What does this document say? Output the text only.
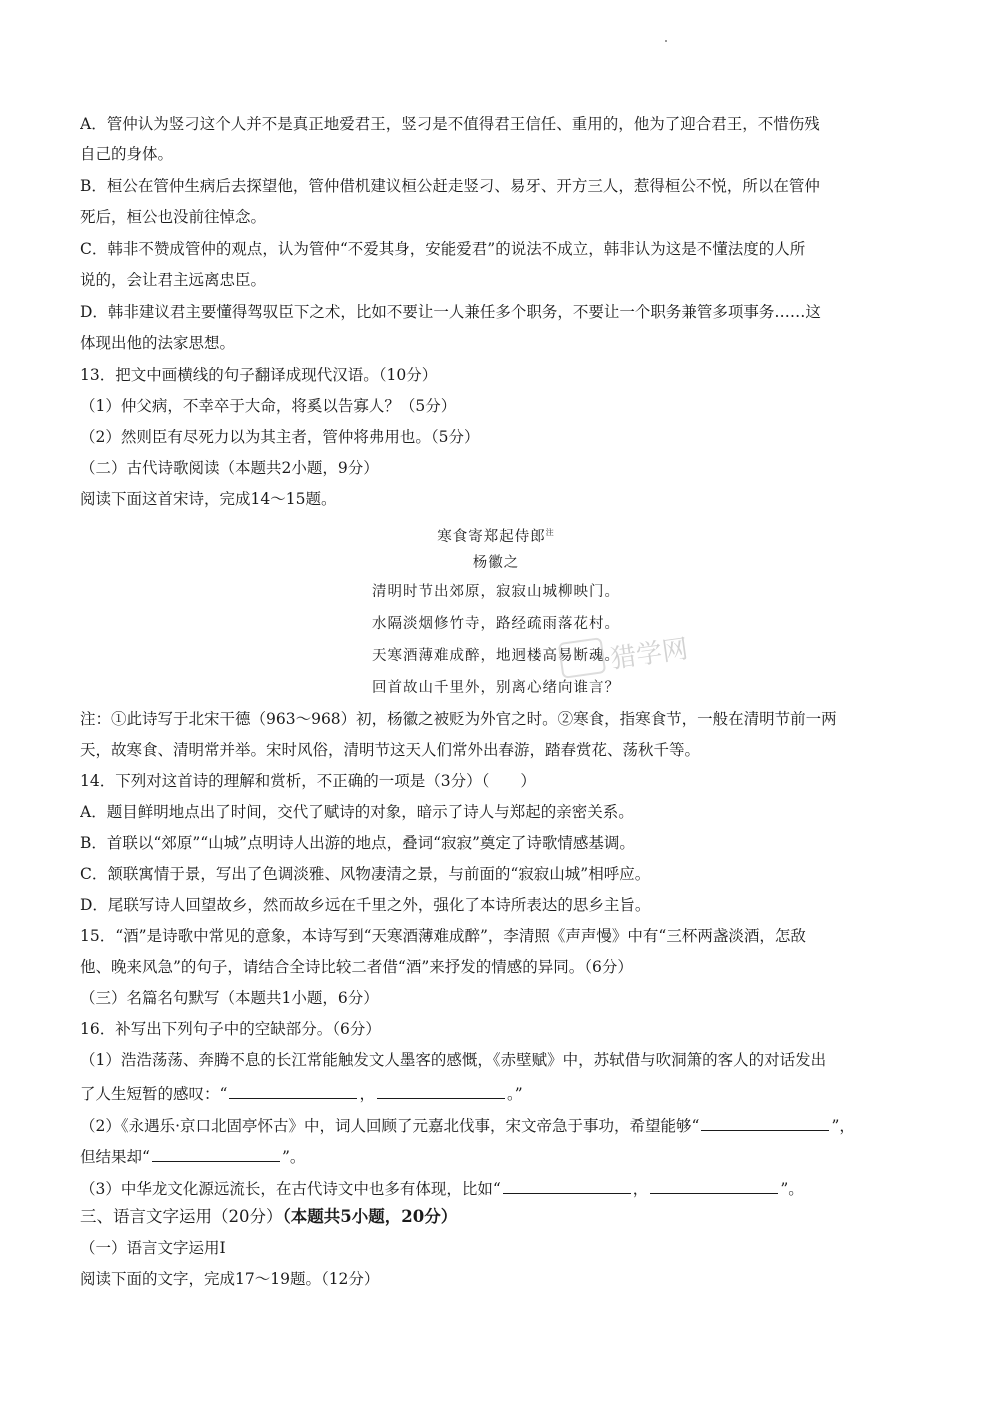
A．管仲认为竖刁这个人并不是真正地爱君王，竖刁是不值得君王信任、重用的，他为了迎合君王，不惜伤残
自己的身体。
B．桓公在管仲生病后去探望他，管仲借机建议桓公赶走竖刁、易牙、开方三人，惹得桓公不悦，所以在管仲
死后，桓公也没前往悼念。
C．韩非不赞成管仲的观点，认为管仲“不爱其身，安能爱君”的说法不成立，韩非认为这是不懂法度的人所
说的，会让君主远离忠臣。
D．韩非建议君主要懂得驾驭臣下之术，比如不要让一人兼任多个职务，不要让一个职务兼管多项事务……这
体现出他的法家思想。
13．把文中画横线的句子翻译成现代汉语。（10分）
（1）仲父病，不幸卒于大命，将奚以告寡人？（5分）
（2）然则臣有尽死力以为其主者，管仲将弗用也。（5分）
（二）古代诗歌阅读（本题共2小题，9分）
阅读下面这首宋诗，完成14～15题。
寒食寄郑起侍郎$^注$
杨徽之
清明时节出郊原，寂寂山城柳映门。
水隔淡烟修竹寺，路经疏雨落花村。
天寒酒薄难成醉，地迥楼高易断魂。
回首故山千里外，别离心绪向谁言？
猎学网
注：①此诗写于北宋干德（963～968）初，杨徽之被贬为外官之时。②寒食，指寒食节，一般在清明节前一两
天，故寒食、清明常并举。宋时风俗，清明节这天人们常外出春游，踏春赏花、荡秋千等。
14．下列对这首诗的理解和赏析，不正确的一项是（3分）（　　）
A．题目鲜明地点出了时间，交代了赋诗的对象，暗示了诗人与郑起的亲密关系。
B．首联以“郊原”“山城”点明诗人出游的地点，叠词“寂寂”奠定了诗歌情感基调。
C．颔联寓情于景，写出了色调淡雅、风物凄清之景，与前面的“寂寂山城”相呼应。
D．尾联写诗人回望故乡，然而故乡远在千里之外，强化了本诗所表达的思乡主旨。
15．“酒”是诗歌中常见的意象，本诗写到“天寒酒薄难成醉”，李清照《声声慢》中有“三杯两盏淡酒，怎敌
他、晚来风急”的句子，请结合全诗比较二者借“酒”来抒发的情感的异同。（6分）
（三）名篇名句默写（本题共1小题，6分）
16．补写出下列句子中的空缺部分。（6分）
（1）浩浩荡荡、奔腾不息的长江常能触发文人墨客的感慨，《赤壁赋》中，苏轼借与吹洞箫的客人的对话发出
了人生短暂的感叹：“	，	。”
（2）《永遇乐·京口北固亭怀古》中，词人回顾了元嘉北伐事，宋文帝急于事功，希望能够“	”，
但结果却“	”。
（3）中华龙文化源远流长，在古代诗文中也多有体现，比如“	，	”。
三、语言文字运用（20分）（本题共5小题，20分）
（一）语言文字运用Ⅰ
阅读下面的文字，完成17～19题。（12分）
